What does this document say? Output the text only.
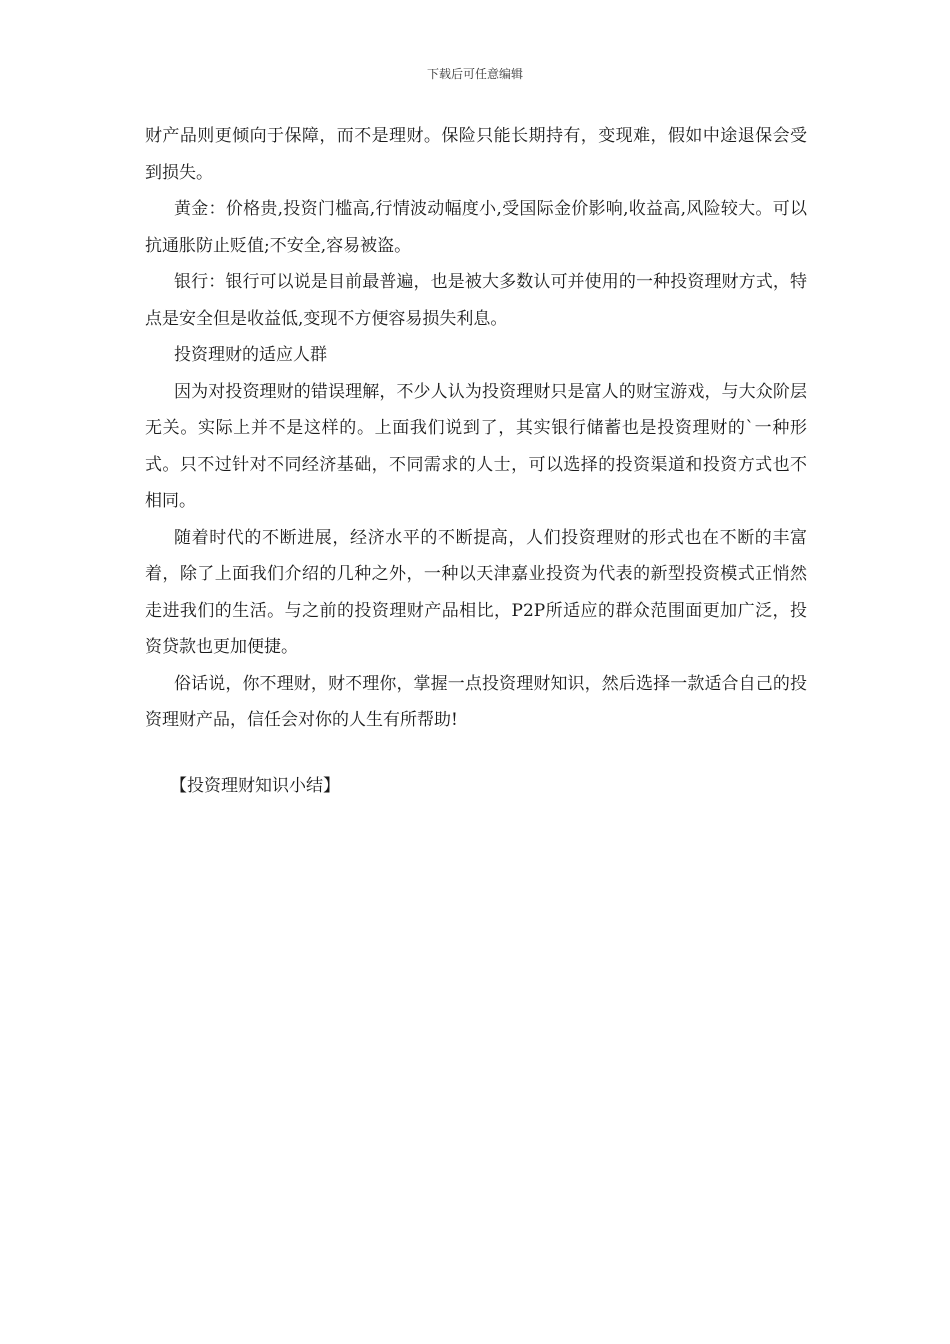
下载后可任意编辑

财产品则更倾向于保障，而不是理财。保险只能长期持有，变现难，假如中途退保会受到损失。

黄金：价格贵,投资门槛高,行情波动幅度小,受国际金价影响,收益高,风险较大。可以抗通胀防止贬值;不安全,容易被盗。

银行：银行可以说是目前最普遍，也是被大多数认可并使用的一种投资理财方式，特点是安全但是收益低,变现不方便容易损失利息。

投资理财的适应人群

因为对投资理财的错误理解，不少人认为投资理财只是富人的财宝游戏，与大众阶层无关。实际上并不是这样的。上面我们说到了，其实银行储蓄也是投资理财的`一种形式。只不过针对不同经济基础，不同需求的人士，可以选择的投资渠道和投资方式也不相同。

随着时代的不断进展，经济水平的不断提高，人们投资理财的形式也在不断的丰富着，除了上面我们介绍的几种之外，一种以天津嘉业投资为代表的新型投资模式正悄然走进我们的生活。与之前的投资理财产品相比，P2P所适应的群众范围面更加广泛，投资贷款也更加便捷。

俗话说，你不理财，财不理你，掌握一点投资理财知识，然后选择一款适合自己的投资理财产品，信任会对你的人生有所帮助!

【投资理财知识小结】
